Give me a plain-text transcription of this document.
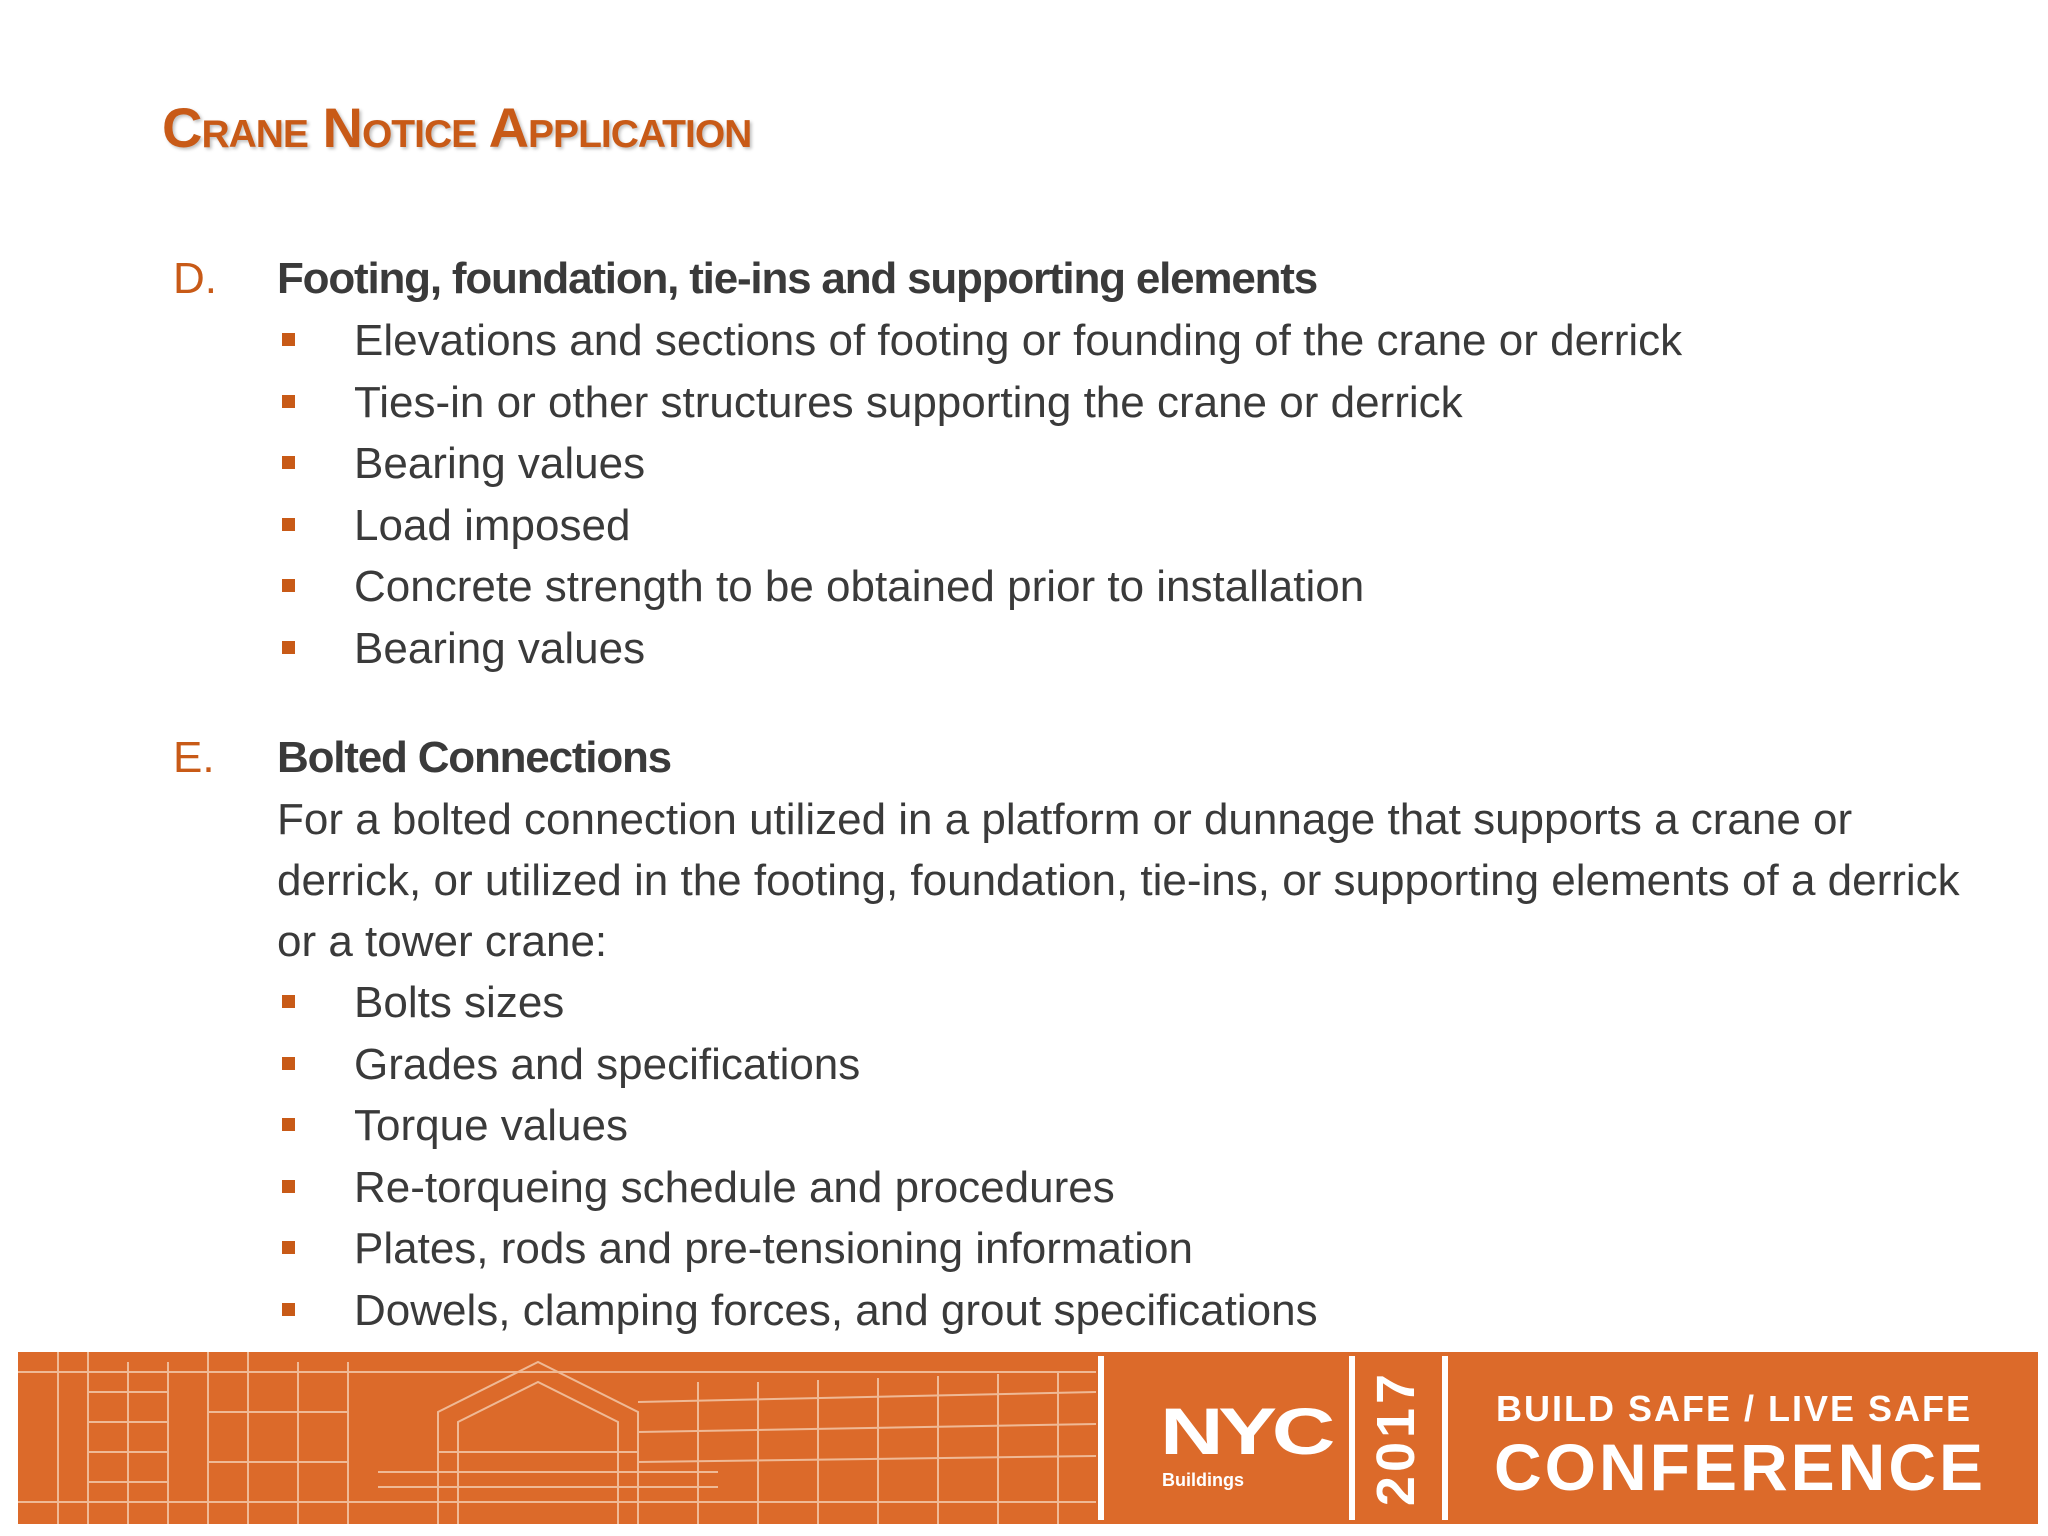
Crane Notice Application
D. Footing, foundation, tie-ins and supporting elements
Elevations and sections of footing or founding of the crane or derrick
Ties-in or other structures supporting the crane or derrick
Bearing values
Load imposed
Concrete strength to be obtained prior to installation
Bearing values
E. Bolted Connections
For a bolted connection utilized in a platform or dunnage that supports a crane or derrick, or utilized in the footing, foundation, tie-ins, or supporting elements of a derrick or a tower crane:
Bolts sizes
Grades and specifications
Torque values
Re-torqueing schedule and procedures
Plates, rods and pre-tensioning information
Dowels, clamping forces, and grout specifications
NYC
Buildings 2017 BUILD SAFE / LIVE SAFE
CONFERENCE
